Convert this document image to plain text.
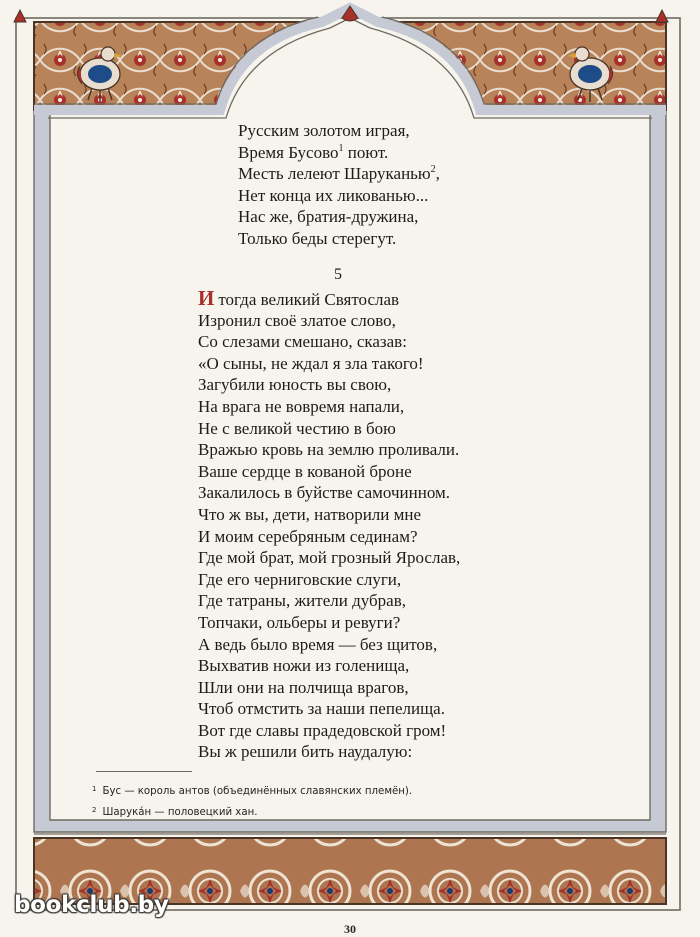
Русским золотом играя,
Время Бусово$^1$ поют.
Месть лелеют Шаруканью$^2$,
Нет конца их ликованью...
Нас же, братия-дружина,
Только беды стерегут.
5
И тогда великий Святослав
Изронил своё златое слово,
Со слезами смешано, сказав:
«О сыны, не ждал я зла такого!
Загубили юность вы свою,
На врага не вовремя напали,
Не с великой честию в бою
Вражью кровь на землю проливали.
Ваше сердце в кованой броне
Закалилось в буйстве самочинном.
Что ж вы, дети, натворили мне
И моим серебряным сединам?
Где мой брат, мой грозный Ярослав,
Где его черниговские слуги,
Где татраны, жители дубрав,
Топчаки, ольберы и ревуги?
А ведь было время — без щитов,
Выхватив ножи из голенища,
Шли они на полчища врагов,
Чтоб отмстить за наши пепелища.
Вот где славы прадедовской гром!
Вы ж решили бить наудалую:
$^1$ Бус — король антов (объединённых славянских племён).
$^2$ Шарука́н — половецкий хан.
bookclub.by
30
